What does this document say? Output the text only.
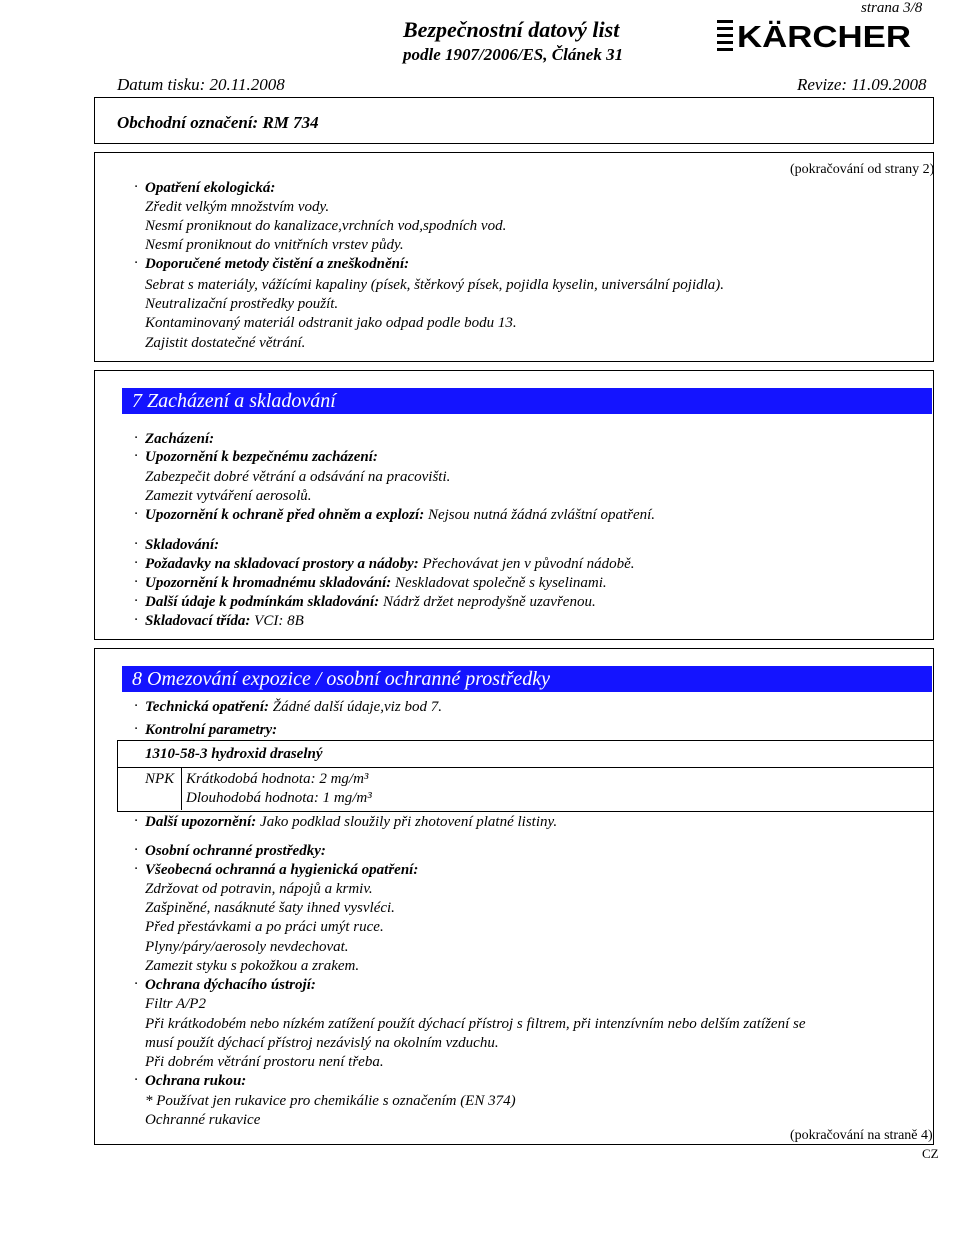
strana 3/8
Bezpečnostní datový list
podle 1907/2006/ES, Článek 31
KÄRCHER
Datum tisku: 20.11.2008	Revize: 11.09.2008
Obchodní označení: RM 734
(pokračování od strany 2)
· Opatření ekologická:
Zředit velkým množstvím vody.
Nesmí proniknout do kanalizace,vrchních vod,spodních vod.
Nesmí proniknout do vnitřních vrstev půdy.
· Doporučené metody čistění a zneškodnění:
Sebrat s materiály, vážícími kapaliny (písek, štěrkový písek, pojidla kyselin, universální pojidla).
Neutralizační prostředky použít.
Kontaminovaný materiál odstranit jako odpad podle bodu 13.
Zajistit dostatečné větrání.
7 Zacházení a skladování
· Zacházení:
· Upozornění k bezpečnému zacházení:
Zabezpečit dobré větrání a odsávání na pracovišti.
Zamezit vytváření aerosolů.
· Upozornění k ochraně před ohněm a explozí: Nejsou nutná žádná zvláštní opatření.
· Skladování:
· Požadavky na skladovací prostory a nádoby: Přechovávat jen v původní nádobě.
· Upozornění k hromadnému skladování: Neskladovat společně s kyselinami.
· Další údaje k podmínkám skladování: Nádrž držet neprodyšně uzavřenou.
· Skladovací třída: VCI: 8B
8 Omezování expozice / osobní ochranné prostředky
· Technická opatření: Žádné další údaje,viz bod 7.
· Kontrolní parametry:
1310-58-3 hydroxid draselný
NPK Krátkodobá hodnota: 2 mg/m³
Dlouhodobá hodnota: 1 mg/m³
· Další upozornění: Jako podklad sloužily při zhotovení platné listiny.
· Osobní ochranné prostředky:
· Všeobecná ochranná a hygienická opatření:
Zdržovat od potravin, nápojů a krmiv.
Zašpiněné, nasáknuté šaty ihned vysvléci.
Před přestávkami a po práci umýt ruce.
Plyny/páry/aerosoly nevdechovat.
Zamezit styku s pokožkou a zrakem.
· Ochrana dýchacího ústrojí:
Filtr A/P2
Při krátkodobém nebo nízkém zatížení použít dýchací přístroj s filtrem, při intenzívním nebo delším zatížení se
musí použít dýchací přístroj nezávislý na okolním vzduchu.
Při dobrém větrání prostoru není třeba.
· Ochrana rukou:
* Používat jen rukavice pro chemikálie s označením (EN 374)
Ochranné rukavice
(pokračování na straně 4)
CZ
